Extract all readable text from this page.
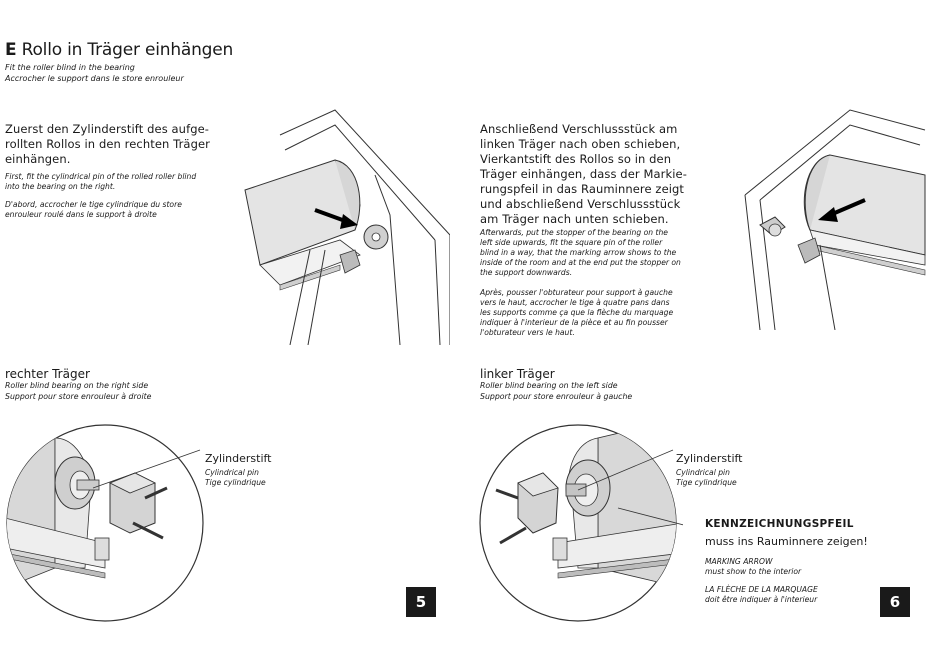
E Rollo in Träger einhängen
Fit the roller blind in the bearing
Accrocher le support dans le store enrouleur
Zuerst den Zylinderstift des aufge-
rollten Rollos in den rechten Träger
einhängen.
First, fit the cylindrical pin of the rolled roller blind
into the bearing on the right.
D'abord, accrocher le tige cylindrique du store
enrouleur roulé dans le support à droite
rechter Träger
Roller blind bearing on the right side
Support pour store enrouleur à droite
Zylinderstift
Cylindrical pin
Tige cylindrique
5
Anschließend Verschlussstück am
linken Träger nach oben schieben,
Vierkantstift des Rollos so in den
Träger einhängen, dass der Markie-
rungspfeil in das Rauminnere zeigt
und abschließend Verschlussstück
am Träger nach unten schieben.
Afterwards, put the stopper of the bearing on the
left side upwards, fit the square pin of the roller
blind in a way, that the marking arrow shows to the
inside of the room and at the end put the stopper on
the support downwards.
Après, pousser l'obturateur pour support à gauche
vers le haut, accrocher le tige à quatre pans dans
les supports comme ça que la flèche du marquage
indiquer à l'interieur de la pièce et au fin pousser
l'obturateur vers le haut.
linker Träger
Roller blind bearing on the left side
Support pour store enrouleur à gauche
Zylinderstift
Cylindrical pin
Tige cylindrique
KENNZEICHNUNGSPFEIL
muss ins Rauminnere zeigen!
MARKING ARROW
must show to the interior
LA FLÈCHE DE LA MARQUAGE
doit être indiquer à l'interieur	6
